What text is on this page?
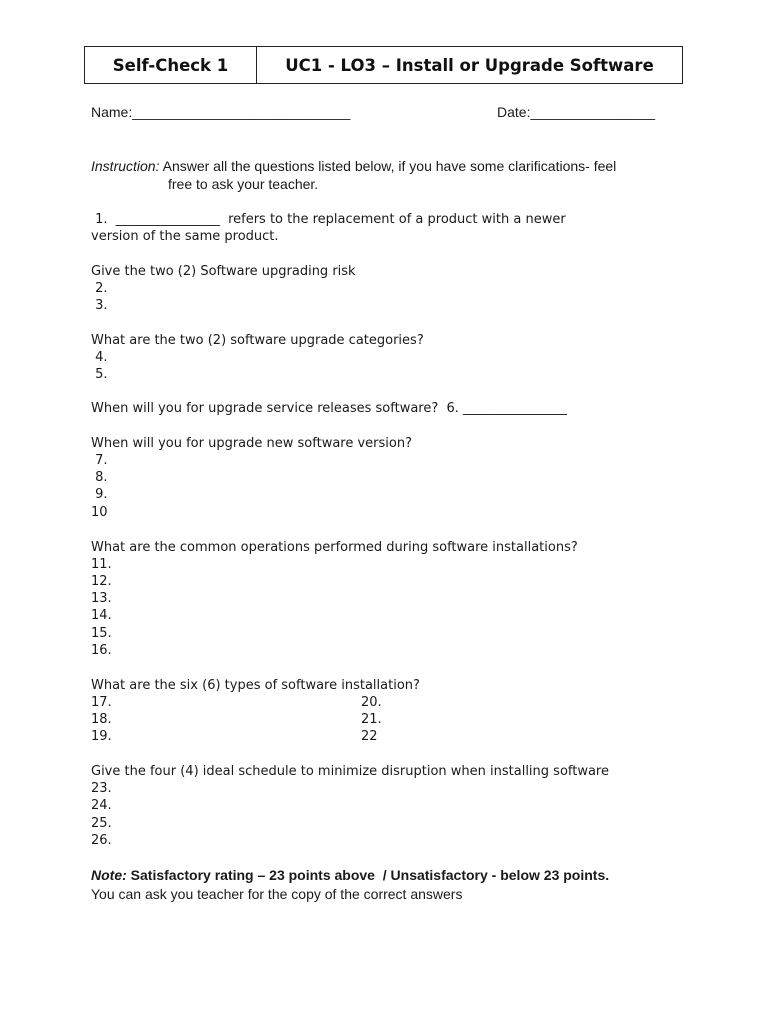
Self-Check 1	UC1 - LO3 – Install or Upgrade Software
Name:____________________________	Date:________________
Instruction: Answer all the questions listed below, if you have some clarifications- feel
free to ask your teacher.
1.  ________________  refers to the replacement of a product with a newer
version of the same product.
Give the two (2) Software upgrading risk
2.
3.
What are the two (2) software upgrade categories?
4.
5.
When will you for upgrade service releases software?  6. ________________
When will you for upgrade new software version?
7.
8.
9.
10
What are the common operations performed during software installations?
11.
12.
13.
14.
15.
16.
What are the six (6) types of software installation?
17.
18.
19.
20.
21.
22
Give the four (4) ideal schedule to minimize disruption when installing software
23.
24.
25.
26.
Note: Satisfactory rating – 23 points above  / Unsatisfactory - below 23 points.
You can ask you teacher for the copy of the correct answers
